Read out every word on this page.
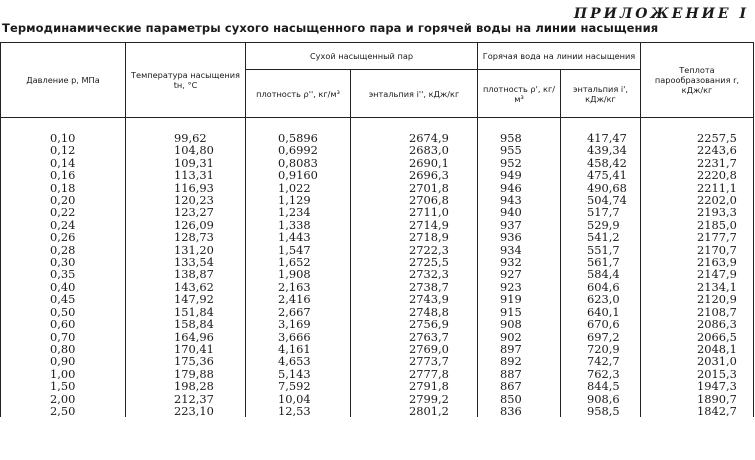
ПРИЛОЖЕНИЕ I
Термодинамические параметры сухого насыщенного пара и горячей воды на линии насыщения
Давление p, МПа	Температура насыщения tн, °C	Сухой насыщенный пар		Горячая вода на линии насыщения		Теплота парообразования r, кДж/кг
		плотность ρ'', кг/м³	энтальпия i'', кДж/кг	плотность ρ', кг/м³	энтальпия i', кДж/кг	

0,10	99,62	0,5896	2674,9	958	417,47	2257,5
0,12	104,80	0,6992	2683,0	955	439,34	2243,6
0,14	109,31	0,8083	2690,1	952	458,42	2231,7
0,16	113,31	0,9160	2696,3	949	475,41	2220,8
0,18	116,93	1,022	2701,8	946	490,68	2211,1
0,20	120,23	1,129	2706,8	943	504,74	2202,0
0,22	123,27	1,234	2711,0	940	517,7	2193,3
0,24	126,09	1,338	2714,9	937	529,9	2185,0
0,26	128,73	1,443	2718,9	936	541,2	2177,7
0,28	131,20	1,547	2722,3	934	551,7	2170,7
0,30	133,54	1,652	2725,5	932	561,7	2163,9
0,35	138,87	1,908	2732,3	927	584,4	2147,9
0,40	143,62	2,163	2738,7	923	604,6	2134,1
0,45	147,92	2,416	2743,9	919	623,0	2120,9
0,50	151,84	2,667	2748,8	915	640,1	2108,7
0,60	158,84	3,169	2756,9	908	670,6	2086,3
0,70	164,96	3,666	2763,7	902	697,2	2066,5
0,80	170,41	4,161	2769,0	897	720,9	2048,1
0,90	175,36	4,653	2773,7	892	742,7	2031,0
1,00	179,88	5,143	2777,8	887	762,3	2015,3
1,50	198,28	7,592	2791,8	867	844,5	1947,3
2,00	212,37	10,04	2799,2	850	908,6	1890,7
2,50	223,10	12,53	2801,2	836	958,5	1842,7
